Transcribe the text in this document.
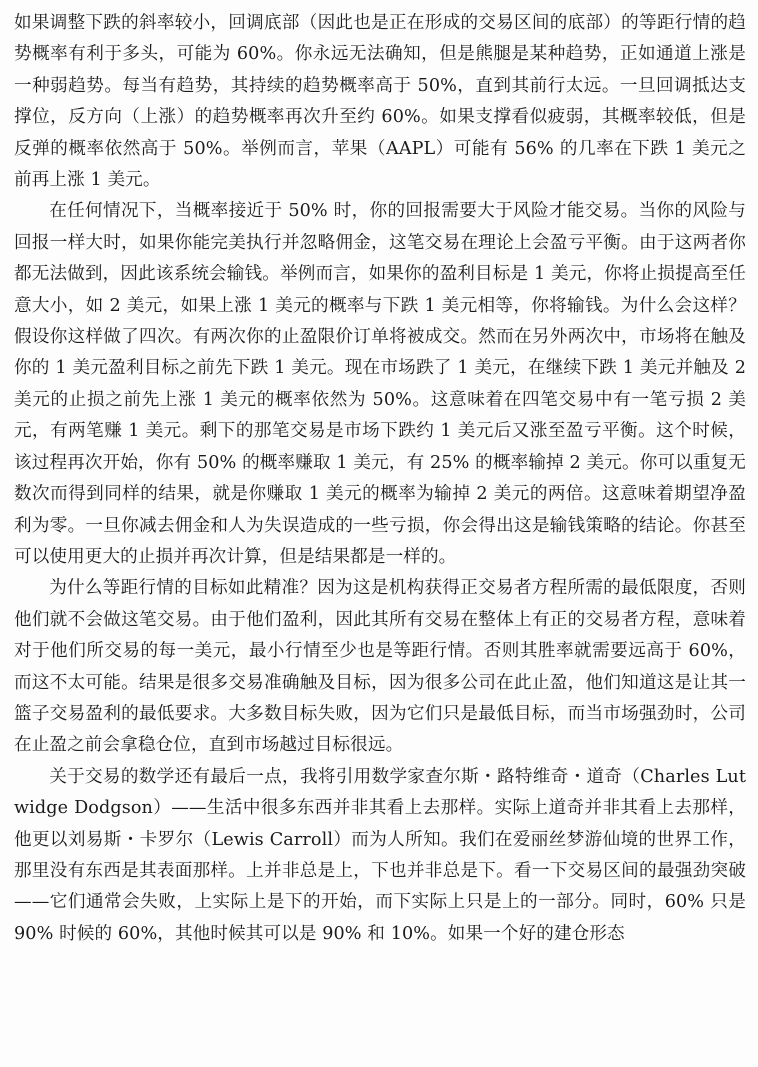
如果调整下跌的斜率较小，回调底部（因此也是正在形成的交易区间的底部）的等距行情的趋势概率有利于多头，可能为 60%。你永远无法确知，但是熊腿是某种趋势，正如通道上涨是一种弱趋势。每当有趋势，其持续的趋势概率高于 50%，直到其前行太远。一旦回调抵达支撑位，反方向（上涨）的趋势概率再次升至约 60%。如果支撑看似疲弱，其概率较低，但是反弹的概率依然高于 50%。举例而言，苹果（AAPL）可能有 56% 的几率在下跌 1 美元之前再上涨 1 美元。

在任何情况下，当概率接近于 50% 时，你的回报需要大于风险才能交易。当你的风险与回报一样大时，如果你能完美执行并忽略佣金，这笔交易在理论上会盈亏平衡。由于这两者你都无法做到，因此该系统会输钱。举例而言，如果你的盈利目标是 1 美元，你将止损提高至任意大小，如 2 美元，如果上涨 1 美元的概率与下跌 1 美元相等，你将输钱。为什么会这样？假设你这样做了四次。有两次你的止盈限价订单将被成交。然而在另外两次中，市场将在触及你的 1 美元盈利目标之前先下跌 1 美元。现在市场跌了 1 美元，在继续下跌 1 美元并触及 2 美元的止损之前先上涨 1 美元的概率依然为 50%。这意味着在四笔交易中有一笔亏损 2 美元，有两笔赚 1 美元。剩下的那笔交易是市场下跌约 1 美元后又涨至盈亏平衡。这个时候，该过程再次开始，你有 50% 的概率赚取 1 美元，有 25% 的概率输掉 2 美元。你可以重复无数次而得到同样的结果，就是你赚取 1 美元的概率为输掉 2 美元的两倍。这意味着期望净盈利为零。一旦你减去佣金和人为失误造成的一些亏损，你会得出这是输钱策略的结论。你甚至可以使用更大的止损并再次计算，但是结果都是一样的。

为什么等距行情的目标如此精准？因为这是机构获得正交易者方程所需的最低限度，否则他们就不会做这笔交易。由于他们盈利，因此其所有交易在整体上有正的交易者方程，意味着对于他们所交易的每一美元，最小行情至少也是等距行情。否则其胜率就需要远高于 60%，而这不太可能。结果是很多交易准确触及目标，因为很多公司在此止盈，他们知道这是让其一篮子交易盈利的最低要求。大多数目标失败，因为它们只是最低目标，而当市场强劲时，公司在止盈之前会拿稳仓位，直到市场越过目标很远。

关于交易的数学还有最后一点，我将引用数学家查尔斯・路特维奇・道奇（Charles Lutwidge Dodgson）——生活中很多东西并非其看上去那样。实际上道奇并非其看上去那样，他更以刘易斯・卡罗尔（Lewis Carroll）而为人所知。我们在爱丽丝梦游仙境的世界工作，那里没有东西是其表面那样。上并非总是上，下也并非总是下。看一下交易区间的最强劲突破——它们通常会失败，上实际上是下的开始，而下实际上只是上的一部分。同时，60% 只是 90% 时候的 60%，其他时候其可以是 90% 和 10%。如果一个好的建仓形态
